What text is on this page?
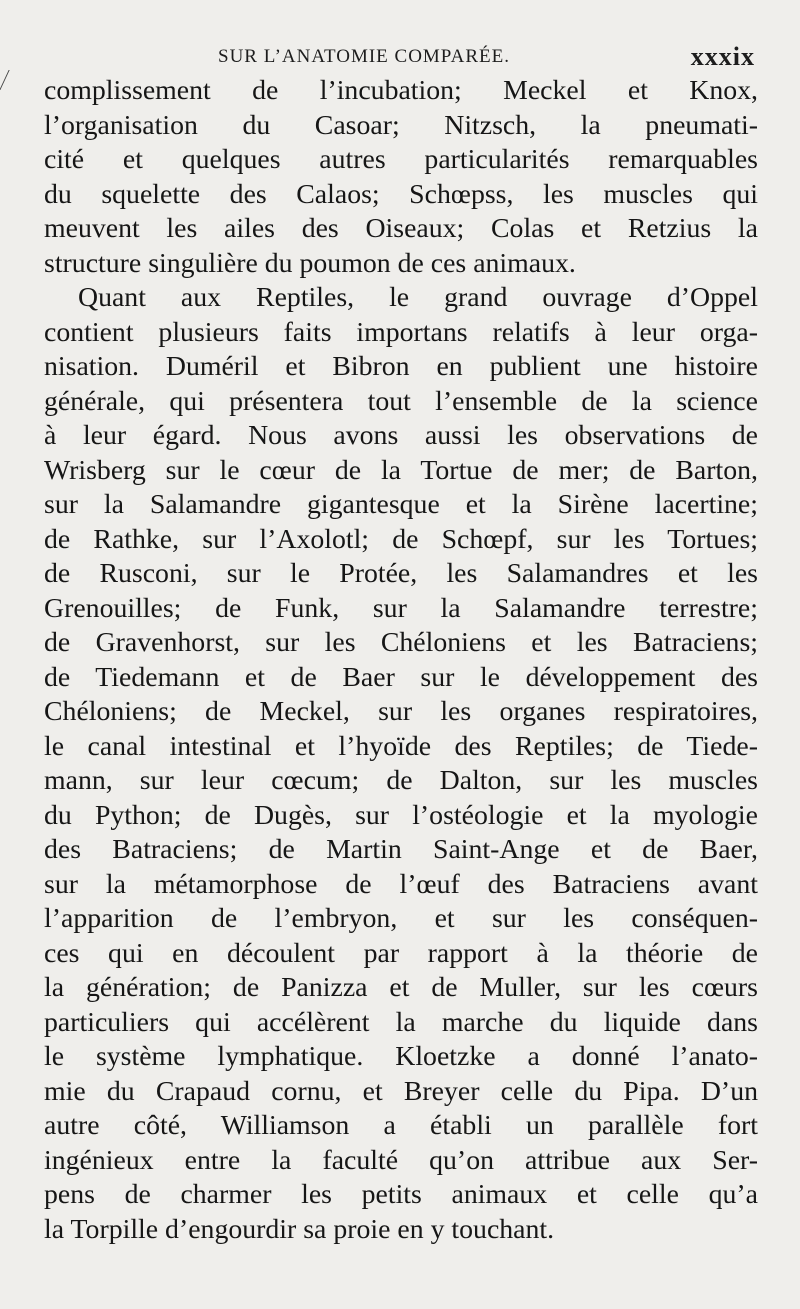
SUR L’ANATOMIE COMPARÉE.	xxxix
complissement de l’incubation; Meckel et Knox,
l’organisation du Casoar; Nitzsch, la pneumati-
cité et quelques autres particularités remarquables
du squelette des Calaos; Schœpss, les muscles qui
meuvent les ailes des Oiseaux; Colas et Retzius la
structure singulière du poumon de ces animaux.
Quant aux Reptiles, le grand ouvrage d’Oppel
contient plusieurs faits importans relatifs à leur orga-
nisation. Duméril et Bibron en publient une histoire
générale, qui présentera tout l’ensemble de la science
à leur égard. Nous avons aussi les observations de
Wrisberg sur le cœur de la Tortue de mer; de Barton,
sur la Salamandre gigantesque et la Sirène lacertine;
de Rathke, sur l’Axolotl; de Schœpf, sur les Tortues;
de Rusconi, sur le Protée, les Salamandres et les
Grenouilles; de Funk, sur la Salamandre terrestre;
de Gravenhorst, sur les Chéloniens et les Batraciens;
de Tiedemann et de Baer sur le développement des
Chéloniens; de Meckel, sur les organes respiratoires,
le canal intestinal et l’hyoïde des Reptiles; de Tiede-
mann, sur leur cœcum; de Dalton, sur les muscles
du Python; de Dugès, sur l’ostéologie et la myologie
des Batraciens; de Martin Saint-Ange et de Baer,
sur la métamorphose de l’œuf des Batraciens avant
l’apparition de l’embryon, et sur les conséquen-
ces qui en découlent par rapport à la théorie de
la génération; de Panizza et de Muller, sur les cœurs
particuliers qui accélèrent la marche du liquide dans
le système lymphatique. Kloetzke a donné l’anato-
mie du Crapaud cornu, et Breyer celle du Pipa. D’un
autre côté, Williamson a établi un parallèle fort
ingénieux entre la faculté qu’on attribue aux Ser-
pens de charmer les petits animaux et celle qu’a
la Torpille d’engourdir sa proie en y touchant.
